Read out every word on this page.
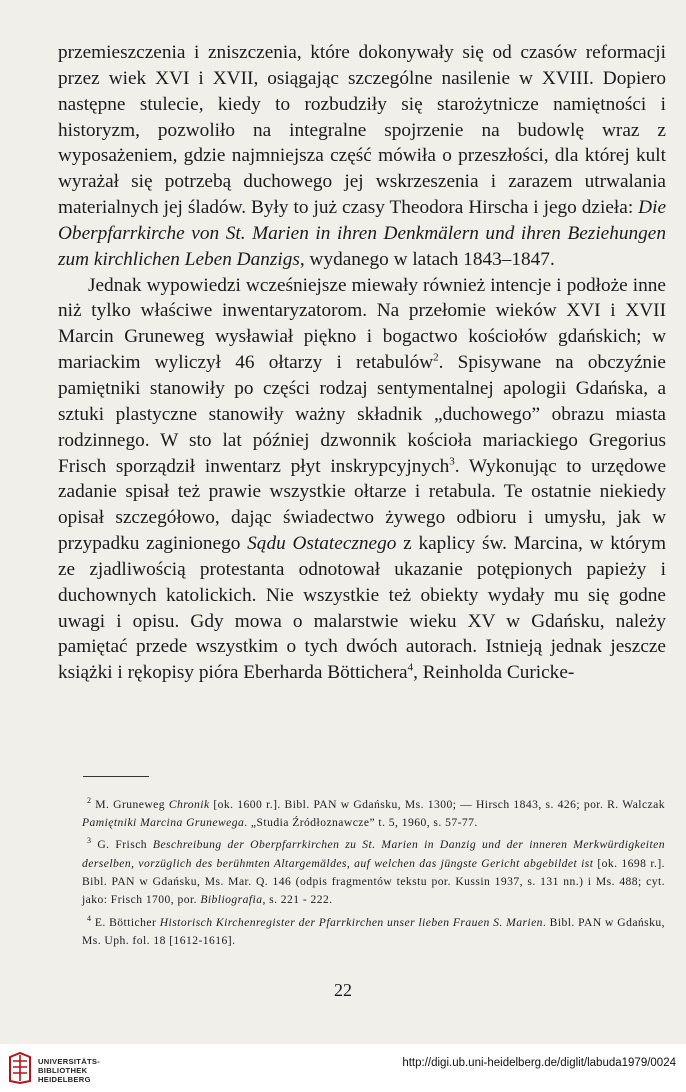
przemieszczenia i zniszczenia, które dokonywały się od czasów reformacji przez wiek XVI i XVII, osiągając szczególne nasilenie w XVIII. Dopiero następne stulecie, kiedy to rozbudziły się starożytnicze namiętności i historyzm, pozwoliło na integralne spojrzenie na budowlę wraz z wyposażeniem, gdzie najmniejsza część mówiła o przeszłości, dla której kult wyrażał się potrzebą duchowego jej wskrzeszenia i zarazem utrwalania materialnych jej śladów. Były to już czasy Theodora Hirscha i jego dzieła: Die Oberpfarrkirche von St. Marien in ihren Denkmälern und ihren Beziehungen zum kirchlichen Leben Danzigs, wydanego w latach 1843–1847.

Jednak wypowiedzi wcześniejsze miewały również intencje i podłoże inne niż tylko właściwe inwentaryzatorom. Na przełomie wieków XVI i XVII Marcin Gruneweg wysławiał piękno i bogactwo kościołów gdańskich; w mariackim wyliczył 46 ołtarzy i retabulów$^2$. Spisywane na obczyźnie pamiętniki stanowiły po części rodzaj sentymentalnej apologii Gdańska, a sztuki plastyczne stanowiły ważny składnik „duchowego” obrazu miasta rodzinnego. W sto lat później dzwonnik kościoła mariackiego Gregorius Frisch sporządził inwentarz płyt inskrypcyjnych$^3$. Wykonując to urzędowe zadanie spisał też prawie wszystkie ołtarze i retabula. Te ostatnie niekiedy opisał szczegółowo, dając świadectwo żywego odbioru i umysłu, jak w przypadku zaginionego Sądu Ostatecznego z kaplicy św. Marcina, w którym ze zjadliwością protestanta odnotował ukazanie potępionych papieży i duchownych katolickich. Nie wszystkie też obiekty wydały mu się godne uwagi i opisu. Gdy mowa o malarstwie wieku XV w Gdańsku, należy pamiętać przede wszystkim o tych dwóch autorach. Istnieją jednak jeszcze książki i rękopisy pióra Eberharda Böttichera$^4$, Reinholda Curicke-

$^2$ M. Gruneweg Chronik [ok. 1600 r.]. Bibl. PAN w Gdańsku, Ms. 1300; — Hirsch 1843, s. 426; por. R. Walczak Pamiętniki Marcina Grunewega. „Studia Źródłoznawcze” t. 5, 1960, s. 57-77.

$^3$ G. Frisch Beschreibung der Oberpfarrkirchen zu St. Marien in Danzig und der inneren Merkwürdigkeiten derselben, vorzüglich des berühmten Altargemäldes, auf welchen das jüngste Gericht abgebildet ist [ok. 1698 r.]. Bibl. PAN w Gdańsku, Ms. Mar. Q. 146 (odpis fragmentów tekstu por. Kussin 1937, s. 131 nn.) i Ms. 488; cyt. jako: Frisch 1700, por. Bibliografia, s. 221 - 222.

$^4$ E. Bötticher Historisch Kirchenregister der Pfarrkirchen unser lieben Frauen S. Marien. Bibl. PAN w Gdańsku, Ms. Uph. fol. 18 [1612-1616].

22
UNIVERSITÄTS-
BIBLIOTHEK
HEIDELBERG
http://digi.ub.uni-heidelberg.de/diglit/labuda1979/0024
